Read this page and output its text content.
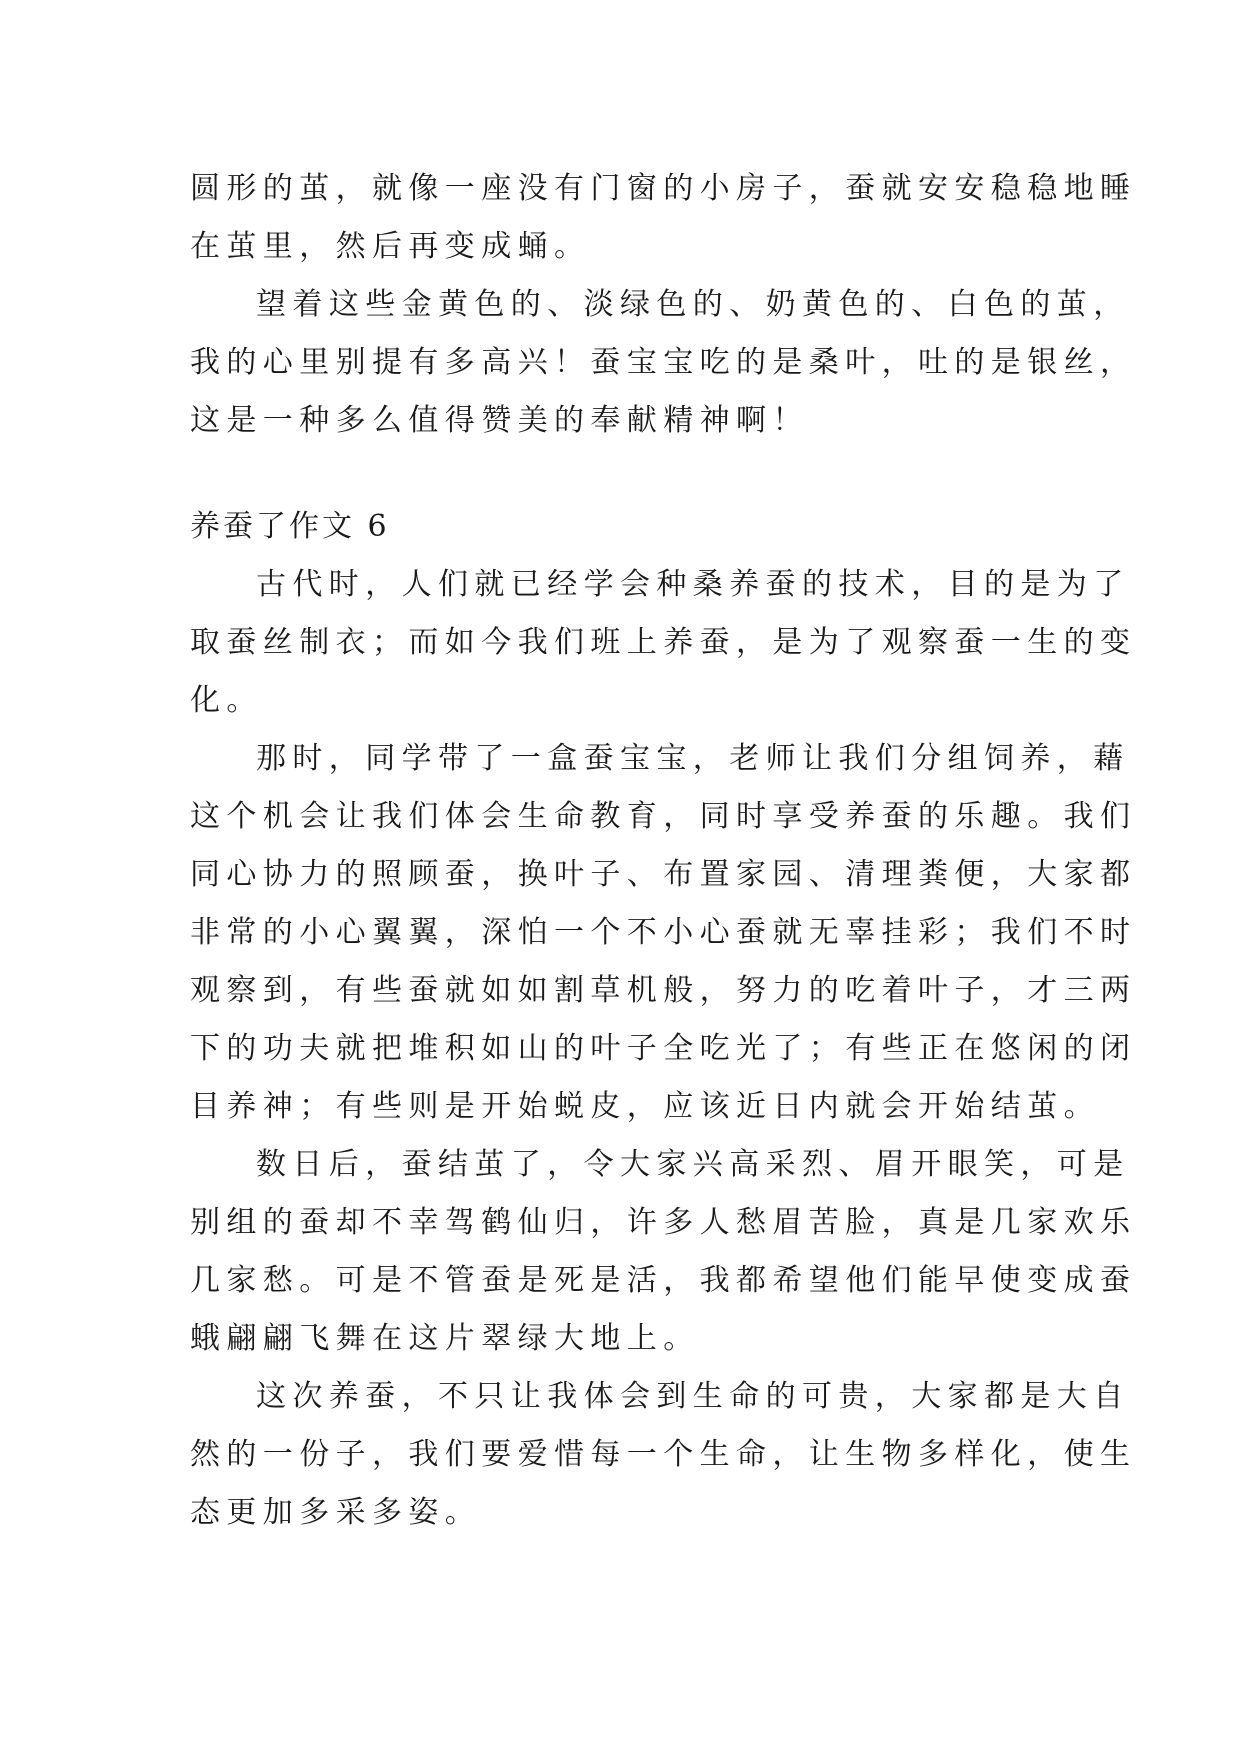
圆形的茧，就像一座没有门窗的小房子，蚕就安安稳稳地睡
在茧里，然后再变成蛹。
望着这些金黄色的、淡绿色的、奶黄色的、白色的茧，
我的心里别提有多高兴！蚕宝宝吃的是桑叶，吐的是银丝，
这是一种多么值得赞美的奉献精神啊！
养蚕了作文 6
古代时，人们就已经学会种桑养蚕的技术，目的是为了
取蚕丝制衣；而如今我们班上养蚕，是为了观察蚕一生的变
化。
那时，同学带了一盒蚕宝宝，老师让我们分组饲养，藉
这个机会让我们体会生命教育，同时享受养蚕的乐趣。我们
同心协力的照顾蚕，换叶子、布置家园、清理粪便，大家都
非常的小心翼翼，深怕一个不小心蚕就无辜挂彩；我们不时
观察到，有些蚕就如如割草机般，努力的吃着叶子，才三两
下的功夫就把堆积如山的叶子全吃光了；有些正在悠闲的闭
目养神；有些则是开始蜕皮，应该近日内就会开始结茧。
数日后，蚕结茧了，令大家兴高采烈、眉开眼笑，可是
别组的蚕却不幸驾鹤仙归，许多人愁眉苦脸，真是几家欢乐
几家愁。可是不管蚕是死是活，我都希望他们能早使变成蚕
蛾翩翩飞舞在这片翠绿大地上。
这次养蚕，不只让我体会到生命的可贵，大家都是大自
然的一份子，我们要爱惜每一个生命，让生物多样化，使生
态更加多采多姿。
